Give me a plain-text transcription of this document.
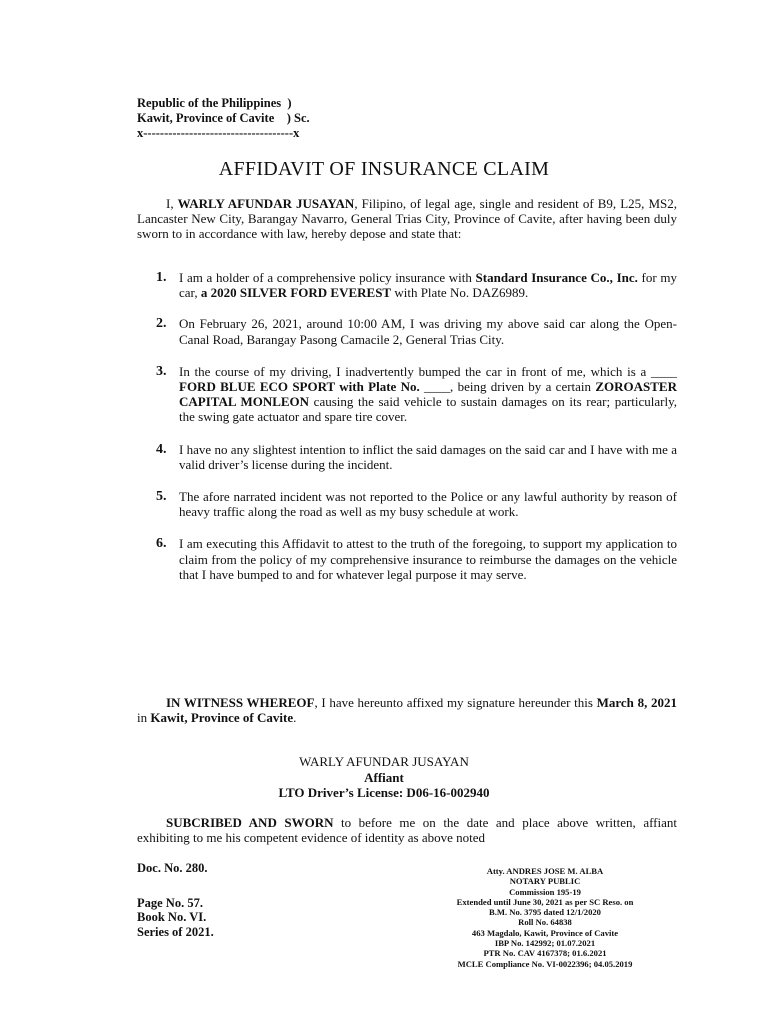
Republic of the Philippines  )
Kawit, Province of Cavite    ) Sc.
x------------------------------------x
AFFIDAVIT OF INSURANCE CLAIM

I, WARLY AFUNDAR JUSAYAN, Filipino, of legal age, single and resident of B9, L25, MS2, Lancaster New City, Barangay Navarro, General Trias City, Province of Cavite, after having been duly sworn to in accordance with law, hereby depose and state that:

1. I am a holder of a comprehensive policy insurance with Standard Insurance Co., Inc. for my car, a 2020 SILVER FORD EVEREST with Plate No. DAZ6989.
2. On February 26, 2021, around 10:00 AM, I was driving my above said car along the Open-Canal Road, Barangay Pasong Camacile 2, General Trias City.
3. In the course of my driving, I inadvertently bumped the car in front of me, which is a ____ FORD BLUE ECO SPORT with Plate No. ____, being driven by a certain ZOROASTER CAPITAL MONLEON causing the said vehicle to sustain damages on its rear; particularly, the swing gate actuator and spare tire cover.
4. I have no any slightest intention to inflict the said damages on the said car and I have with me a valid driver’s license during the incident.
5. The afore narrated incident was not reported to the Police or any lawful authority by reason of heavy traffic along the road as well as my busy schedule at work.
6. I am executing this Affidavit to attest to the truth of the foregoing, to support my application to claim from the policy of my comprehensive insurance to reimburse the damages on the vehicle that I have bumped to and for whatever legal purpose it may serve.

IN WITNESS WHEREOF, I have hereunto affixed my signature hereunder this March 8, 2021 in Kawit, Province of Cavite.

WARLY AFUNDAR JUSAYAN
Affiant
LTO Driver’s License: D06-16-002940

SUBCRIBED AND SWORN to before me on the date and place above written, affiant exhibiting to me his competent evidence of identity as above noted

Doc. No. 280.
Page No. 57.
Book No. VI.
Series of 2021.
Atty. ANDRES JOSE M. ALBA
NOTARY PUBLIC
Commission 195-19
Extended until June 30, 2021 as per SC Reso. on
B.M. No. 3795 dated 12/1/2020
Roll No. 64838
463 Magdalo, Kawit, Province of Cavite
IBP No. 142992; 01.07.2021
PTR No. CAV 4167378; 01.6.2021
MCLE Compliance No. VI-0022396; 04.05.2019
